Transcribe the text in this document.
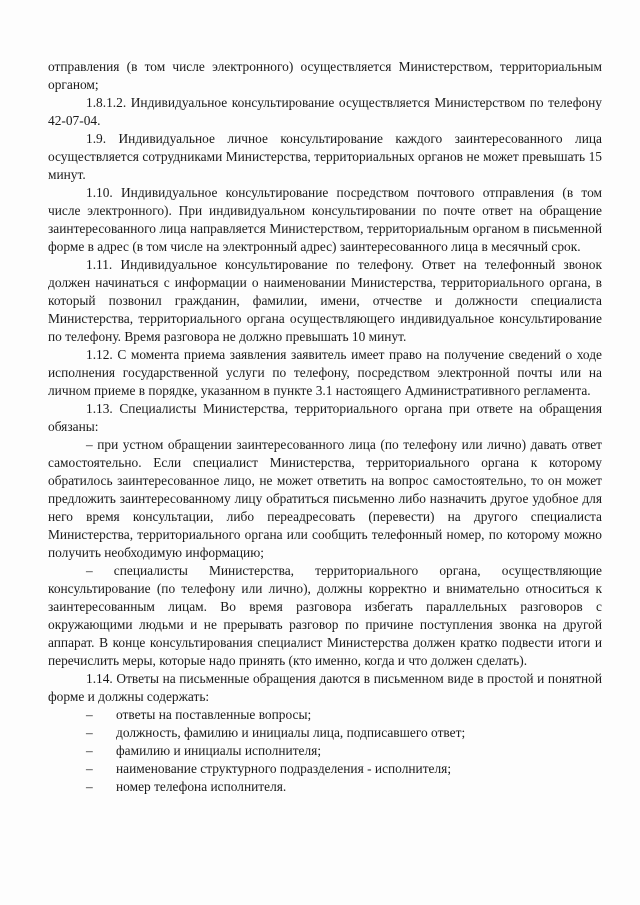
отправления (в том числе электронного) осуществляется Министерством, территориальным органом;

1.8.1.2. Индивидуальное консультирование осуществляется Министерством по телефону 42-07-04.

1.9. Индивидуальное личное консультирование каждого заинтересованного лица осуществляется сотрудниками Министерства, территориальных органов не может превышать 15 минут.

1.10. Индивидуальное консультирование посредством почтового отправления (в том числе электронного). При индивидуальном консультировании по почте ответ на обращение заинтересованного лица направляется Министерством, территориальным органом в письменной форме в адрес (в том числе на электронный адрес) заинтересованного лица в месячный срок.

1.11. Индивидуальное консультирование по телефону. Ответ на телефонный звонок должен начинаться с информации о наименовании Министерства, территориального органа, в который позвонил гражданин, фамилии, имени, отчестве и должности специалиста Министерства, территориального органа осуществляющего индивидуальное консультирование по телефону. Время разговора не должно превышать 10 минут.

1.12. С момента приема заявления заявитель имеет право на получение сведений о ходе исполнения государственной услуги по телефону, посредством электронной почты или на личном приеме в порядке, указанном в пункте 3.1 настоящего Административного регламента.

1.13. Специалисты Министерства, территориального органа при ответе на обращения обязаны:

– при устном обращении заинтересованного лица (по телефону или лично) давать ответ самостоятельно. Если специалист Министерства, территориального органа к которому обратилось заинтересованное лицо, не может ответить на вопрос самостоятельно, то он может предложить заинтересованному лицу обратиться письменно либо назначить другое удобное для него время консультации, либо переадресовать (перевести) на другого специалиста Министерства, территориального органа или сообщить телефонный номер, по которому можно получить необходимую информацию;

– специалисты Министерства, территориального органа, осуществляющие консультирование (по телефону или лично), должны корректно и внимательно относиться к заинтересованным лицам. Во время разговора избегать параллельных разговоров с окружающими людьми и не прерывать разговор по причине поступления звонка на другой аппарат. В конце консультирования специалист Министерства должен кратко подвести итоги и перечислить меры, которые надо принять (кто именно, когда и что должен сделать).

1.14. Ответы на письменные обращения даются в письменном виде в простой и понятной форме и должны содержать:

–	ответы на поставленные вопросы;
–	должность, фамилию и инициалы лица, подписавшего ответ;
–	фамилию и инициалы исполнителя;
–	наименование структурного подразделения - исполнителя;
–	номер телефона исполнителя.
